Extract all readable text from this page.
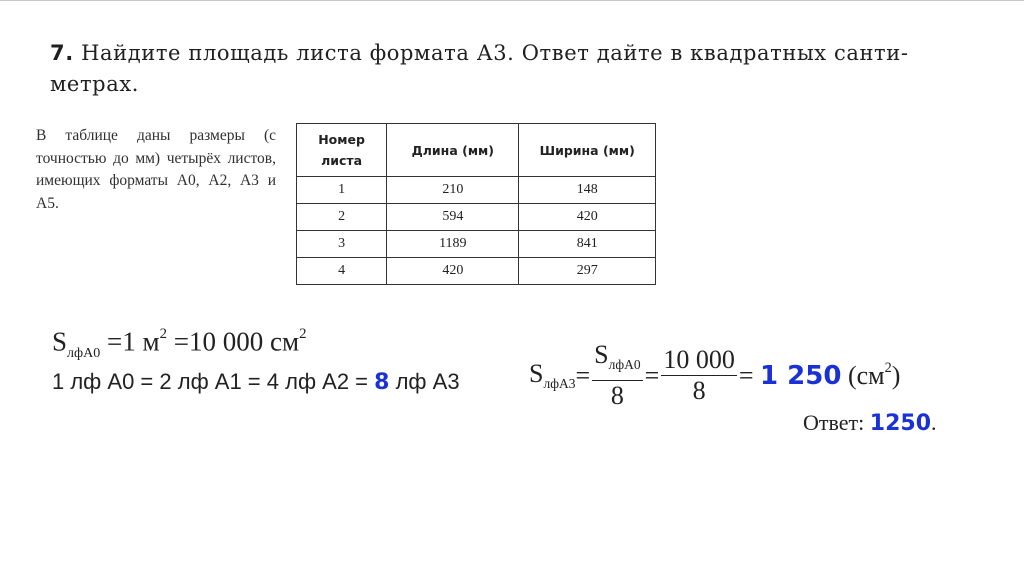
7. Найдите площадь листа формата А3. Ответ дайте в квадратных санти-
метрах.
В таблице даны размеры (с точностью до мм) четырёх листов, имеющих форматы А0, А2, А3 и А5.
Номер листа	Длина (мм)	Ширина (мм)
1	210	148
2	594	420
3	1189	841
4	420	297
$S_{лфА0} =1$ $м^2 =10$ 000 $см^2$
1 лф А0 = 2 лф А1 = 4 лф А2 = 8 лф А3	$S_{лфА3}= \frac{S_{лфА0}}{8} = \frac{10 000}{8} = 1$ 250 $(см^2)$
Ответ: 1250.
